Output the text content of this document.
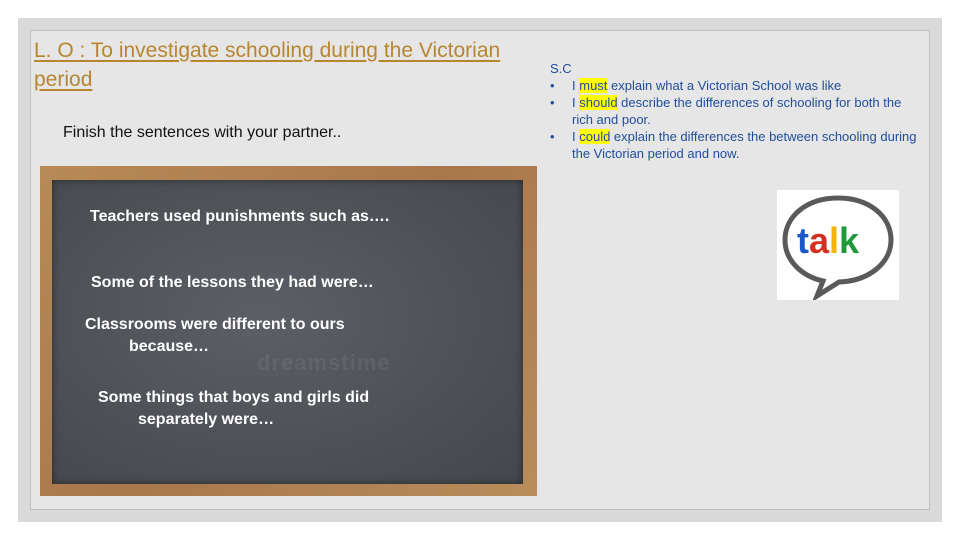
L. O : To investigate schooling during the Victorian period
Finish the sentences with your partner..
dreamstime
Teachers used punishments such as….
Some of the lessons they had were…
Classrooms were different to ours
because…
Some things that boys and girls did
separately were…
S.C
• I must explain what a Victorian School was like
• I should describe the differences of schooling for both the rich and poor.
• I could explain the differences the between schooling during the Victorian period and now.
talk
